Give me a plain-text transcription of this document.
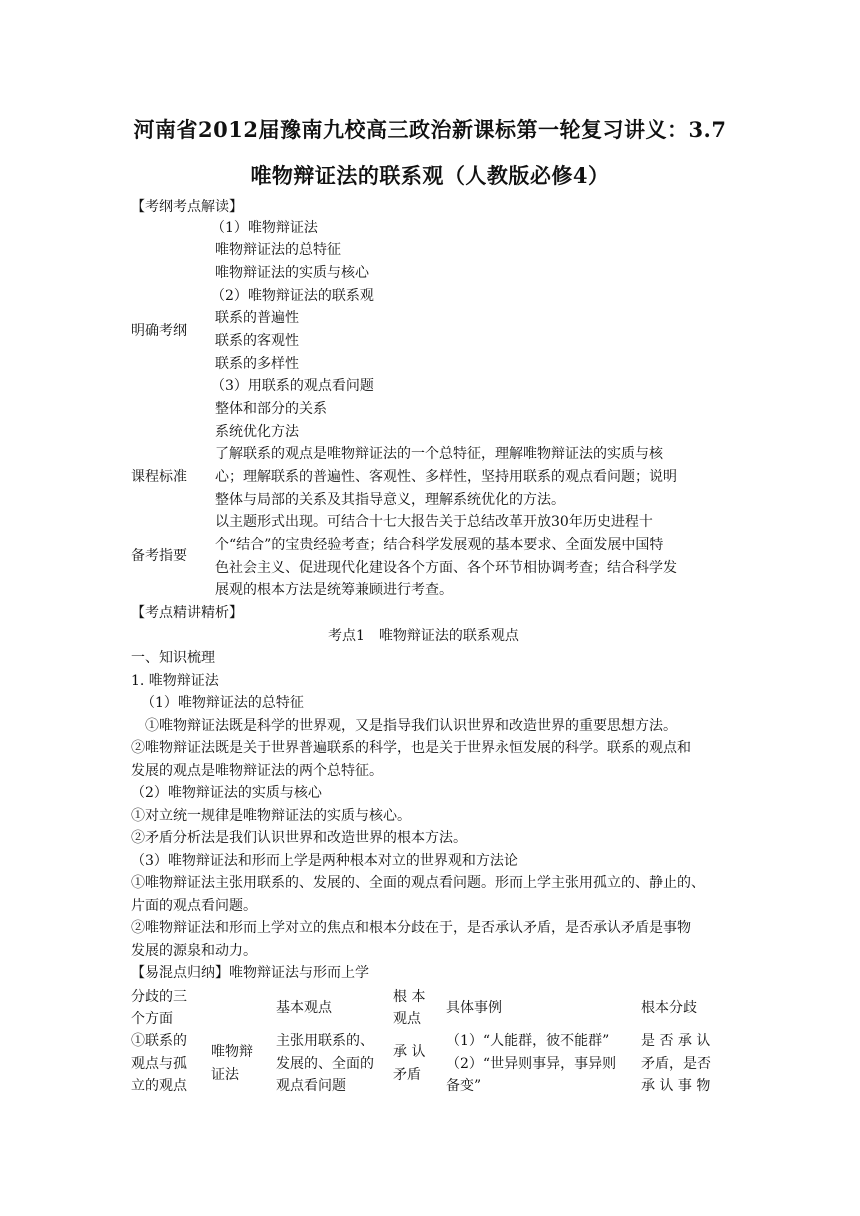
河南省2012届豫南九校高三政治新课标第一轮复习讲义：3.7
唯物辩证法的联系观（人教版必修4）
【考纲考点解读】
（1）唯物辩证法
唯物辩证法的总特征
唯物辩证法的实质与核心
（2）唯物辩证法的联系观
联系的普遍性
联系的客观性
联系的多样性
（3）用联系的观点看问题
整体和部分的关系
系统优化方法
明确考纲
课程标准
了解联系的观点是唯物辩证法的一个总特征，理解唯物辩证法的实质与核
心；理解联系的普遍性、客观性、多样性，坚持用联系的观点看问题；说明
整体与局部的关系及其指导意义，理解系统优化的方法。
备考指要
以主题形式出现。可结合十七大报告关于总结改革开放30年历史进程十
个“结合”的宝贵经验考查；结合科学发展观的基本要求、全面发展中国特
色社会主义、促进现代化建设各个方面、各个环节相协调考查；结合科学发
展观的根本方法是统筹兼顾进行考查。
【考点精讲精析】
考点1　唯物辩证法的联系观点
一、知识梳理
1. 唯物辩证法
（1）唯物辩证法的总特征
①唯物辩证法既是科学的世界观，又是指导我们认识世界和改造世界的重要思想方法。
②唯物辩证法既是关于世界普遍联系的科学，也是关于世界永恒发展的科学。联系的观点和
发展的观点是唯物辩证法的两个总特征。
（2）唯物辩证法的实质与核心
①对立统一规律是唯物辩证法的实质与核心。
②矛盾分析法是我们认识世界和改造世界的根本方法。
（3）唯物辩证法和形而上学是两种根本对立的世界观和方法论
①唯物辩证法主张用联系的、发展的、全面的观点看问题。形而上学主张用孤立的、静止的、
片面的观点看问题。
②唯物辩证法和形而上学对立的焦点和根本分歧在于，是否承认矛盾，是否承认矛盾是事物
发展的源泉和动力。
【易混点归纳】唯物辩证法与形而上学
分歧的三
个方面
基本观点
根 本
观点
具体事例	根本分歧
①联系的
观点与孤
立的观点
唯物辩
证法
主张用联系的、
发展的、全面的
观点看问题
承 认
矛盾
（1）“人能群，彼不能群”
（2）“世异则事异，事异则
备变”
是 否 承 认
矛盾，是否
承 认 事 物
